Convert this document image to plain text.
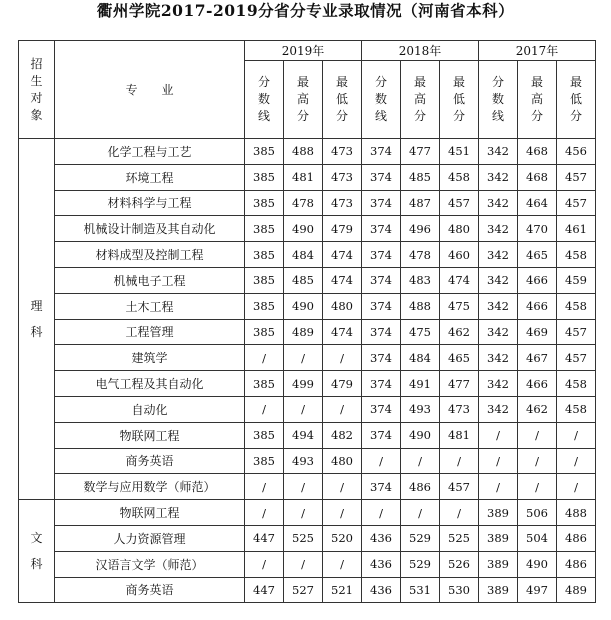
衢州学院2017-2019分省分专业录取情况（河南省本科）
招
生
对
象	专　　业	2019年			2018年			2017年		
		分
数
线	最
高
分	最
低
分	分
数
线	最
高
分	最
低
分	分
数
线	最
高
分	最
低
分
理
科	化学工程与工艺	385	488	473	374	477	451	342	468	456
	环境工程	385	481	473	374	485	458	342	468	457
	材料科学与工程	385	478	473	374	487	457	342	464	457
	机械设计制造及其自动化	385	490	479	374	496	480	342	470	461
	材料成型及控制工程	385	484	474	374	478	460	342	465	458
	机械电子工程	385	485	474	374	483	474	342	466	459
	土木工程	385	490	480	374	488	475	342	466	458
	工程管理	385	489	474	374	475	462	342	469	457
	建筑学	/	/	/	374	484	465	342	467	457
	电气工程及其自动化	385	499	479	374	491	477	342	466	458
	自动化	/	/	/	374	493	473	342	462	458
	物联网工程	385	494	482	374	490	481	/	/	/
	商务英语	385	493	480	/	/	/	/	/	/
	数学与应用数学（师范）	/	/	/	374	486	457	/	/	/
文
科	物联网工程	/	/	/	/	/	/	389	506	488
	人力资源管理	447	525	520	436	529	525	389	504	486
	汉语言文学（师范）	/	/	/	436	529	526	389	490	486
	商务英语	447	527	521	436	531	530	389	497	489
